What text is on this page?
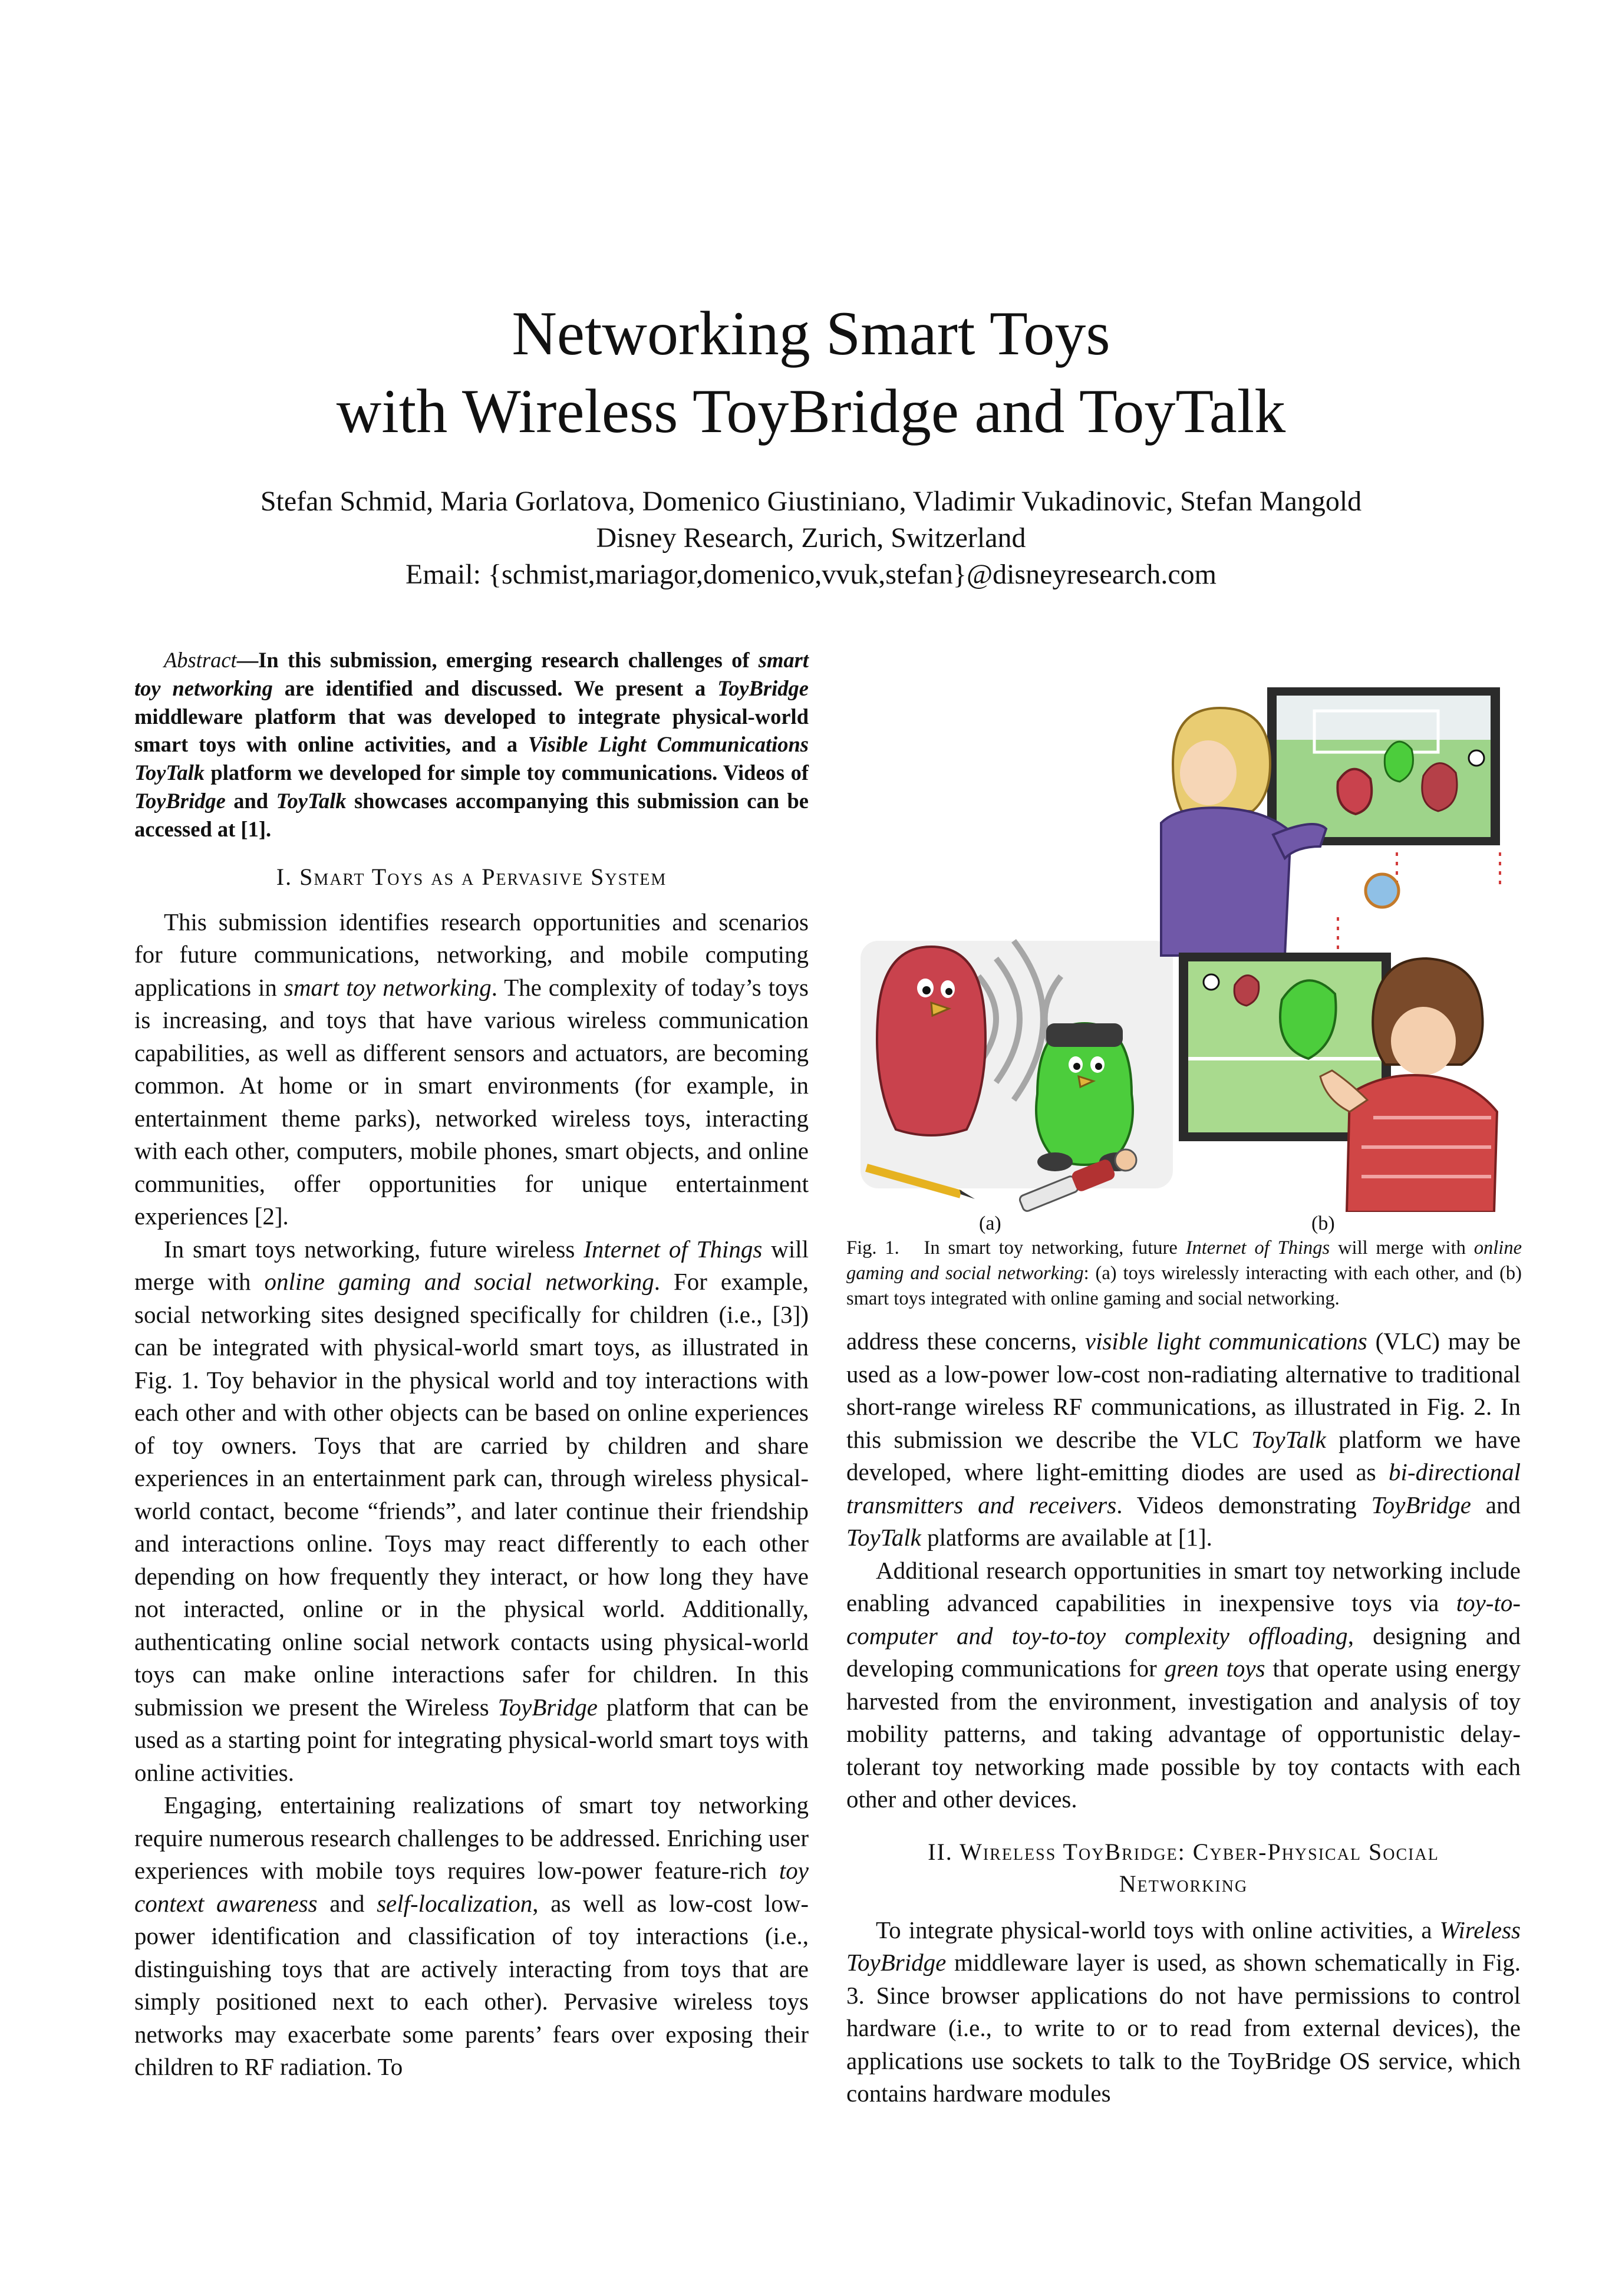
Networking Smart Toys
with Wireless ToyBridge and ToyTalk
Stefan Schmid, Maria Gorlatova, Domenico Giustiniano, Vladimir Vukadinovic, Stefan Mangold
Disney Research, Zurich, Switzerland
Email: {schmist,mariagor,domenico,vvuk,stefan}@disneyresearch.com

Abstract—In this submission, emerging research challenges of smart toy networking are identified and discussed. We present a ToyBridge middleware platform that was developed to integrate physical-world smart toys with online activities, and a Visible Light Communications ToyTalk platform we developed for simple toy communications. Videos of ToyBridge and ToyTalk showcases accompanying this submission can be accessed at [1].

I. Smart Toys as a Pervasive System

This submission identifies research opportunities and scenarios for future communications, networking, and mobile computing applications in smart toy networking. The complexity of today’s toys is increasing, and toys that have various wireless communication capabilities, as well as different sensors and actuators, are becoming common. At home or in smart environments (for example, in entertainment theme parks), networked wireless toys, interacting with each other, computers, mobile phones, smart objects, and online communities, offer opportunities for unique entertainment experiences [2].

In smart toys networking, future wireless Internet of Things will merge with online gaming and social networking. For example, social networking sites designed specifically for children (i.e., [3]) can be integrated with physical-world smart toys, as illustrated in Fig. 1. Toy behavior in the physical world and toy interactions with each other and with other objects can be based on online experiences of toy owners. Toys that are carried by children and share experiences in an entertainment park can, through wireless physical-world contact, become “friends”, and later continue their friendship and interactions online. Toys may react differently to each other depending on how frequently they interact, or how long they have not interacted, online or in the physical world. Additionally, authenticating online social network contacts using physical-world toys can make online interactions safer for children. In this submission we present the Wireless ToyBridge platform that can be used as a starting point for integrating physical-world smart toys with online activities.

Engaging, entertaining realizations of smart toy networking require numerous research challenges to be addressed. Enriching user experiences with mobile toys requires low-power feature-rich toy context awareness and self-localization, as well as low-cost low-power identification and classification of toy interactions (i.e., distinguishing toys that are actively interacting from toys that are simply positioned next to each other). Pervasive wireless toys networks may exacerbate some parents’ fears over exposing their children to RF radiation. To

(a)	(b)

Fig. 1. In smart toy networking, future Internet of Things will merge with online gaming and social networking: (a) toys wirelessly interacting with each other, and (b) smart toys integrated with online gaming and social networking.

address these concerns, visible light communications (VLC) may be used as a low-power low-cost non-radiating alternative to traditional short-range wireless RF communications, as illustrated in Fig. 2. In this submission we describe the VLC ToyTalk platform we have developed, where light-emitting diodes are used as bi-directional transmitters and receivers. Videos demonstrating ToyBridge and ToyTalk platforms are available at [1].

Additional research opportunities in smart toy networking include enabling advanced capabilities in inexpensive toys via toy-to-computer and toy-to-toy complexity offloading, designing and developing communications for green toys that operate using energy harvested from the environment, investigation and analysis of toy mobility patterns, and taking advantage of opportunistic delay-tolerant toy networking made possible by toy contacts with each other and other devices.

II. Wireless ToyBridge: Cyber-Physical Social
Networking

To integrate physical-world toys with online activities, a Wireless ToyBridge middleware layer is used, as shown schematically in Fig. 3. Since browser applications do not have permissions to control hardware (i.e., to write to or to read from external devices), the applications use sockets to talk to the ToyBridge OS service, which contains hardware modules
